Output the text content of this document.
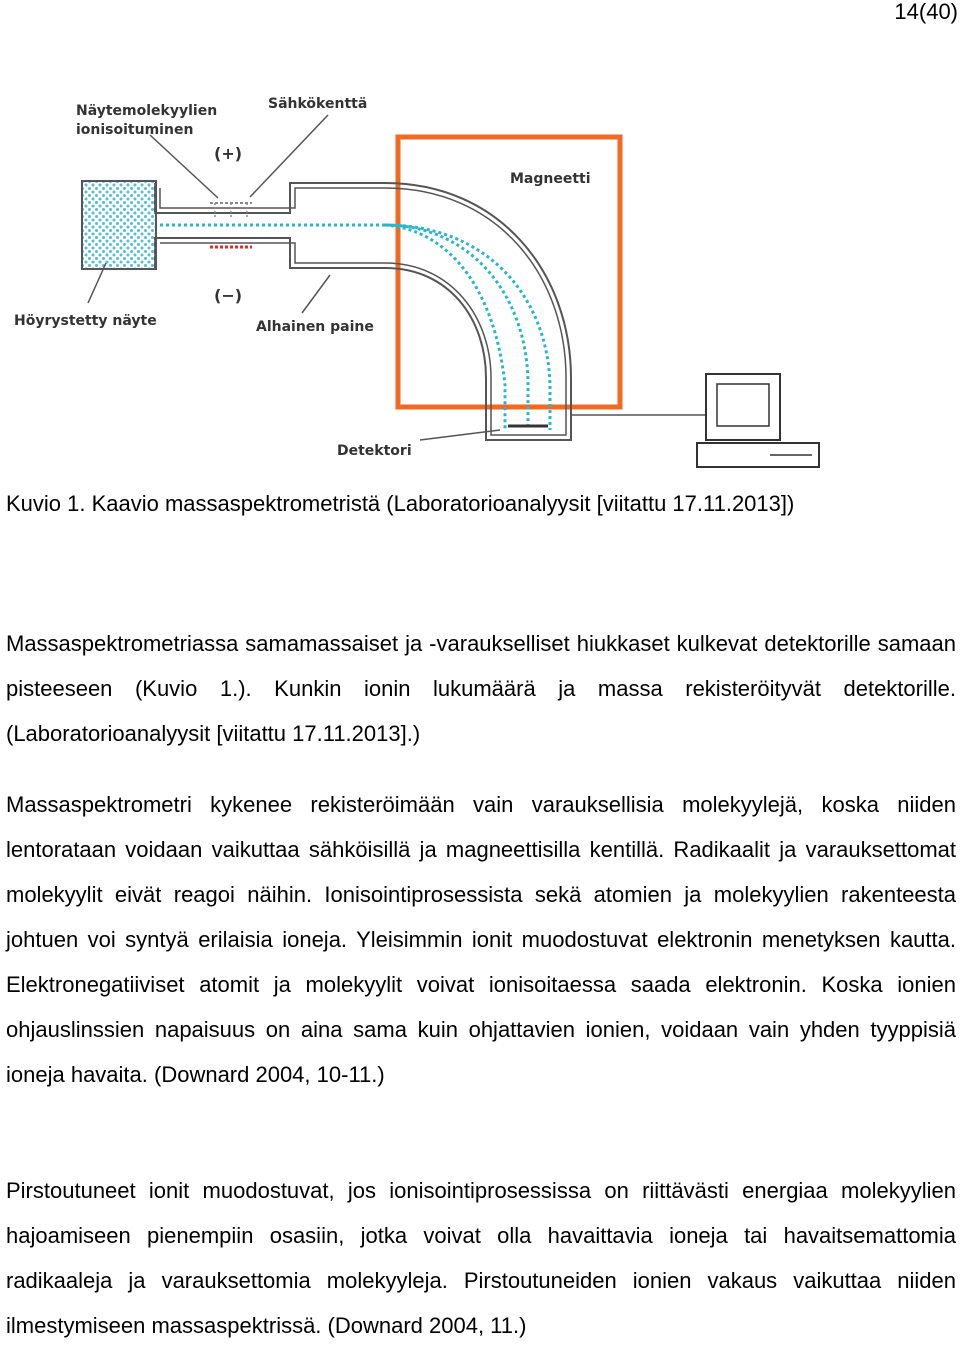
14(40)
Näytemolekyylien
ionisoituminen
Sähkökenttä
(+)
(−)
Magneetti
Höyrystetty näyte	Alhainen paine
Detektori
Kuvio 1. Kaavio massaspektrometristä (Laboratorioanalyysit [viitattu 17.11.2013])

Massaspektrometriassa samamassaiset ja -varaukselliset hiukkaset kulkevat detektorille samaan pisteeseen (Kuvio 1.). Kunkin ionin lukumäärä ja massa rekisteröityvät detektorille. (Laboratorioanalyysit [viitattu 17.11.2013].)

Massaspektrometri kykenee rekisteröimään vain varauksellisia molekyylejä, koska niiden lentorataan voidaan vaikuttaa sähköisillä ja magneettisilla kentillä. Radikaalit ja varauksettomat molekyylit eivät reagoi näihin. Ionisointiprosessista sekä atomien ja molekyylien rakenteesta johtuen voi syntyä erilaisia ioneja. Yleisimmin ionit muodostuvat elektronin menetyksen kautta. Elektronegatiiviset atomit ja molekyylit voivat ionisoitaessa saada elektronin. Koska ionien ohjauslinssien napaisuus on aina sama kuin ohjattavien ionien, voidaan vain yhden tyyppisiä ioneja havaita. (Downard 2004, 10-11.)

Pirstoutuneet ionit muodostuvat, jos ionisointiprosessissa on riittävästi energiaa molekyylien hajoamiseen pienempiin osasiin, jotka voivat olla havaittavia ioneja tai havaitsemattomia radikaaleja ja varauksettomia molekyyleja. Pirstoutuneiden ionien vakaus vaikuttaa niiden ilmestymiseen massaspektrissä. (Downard 2004, 11.)
